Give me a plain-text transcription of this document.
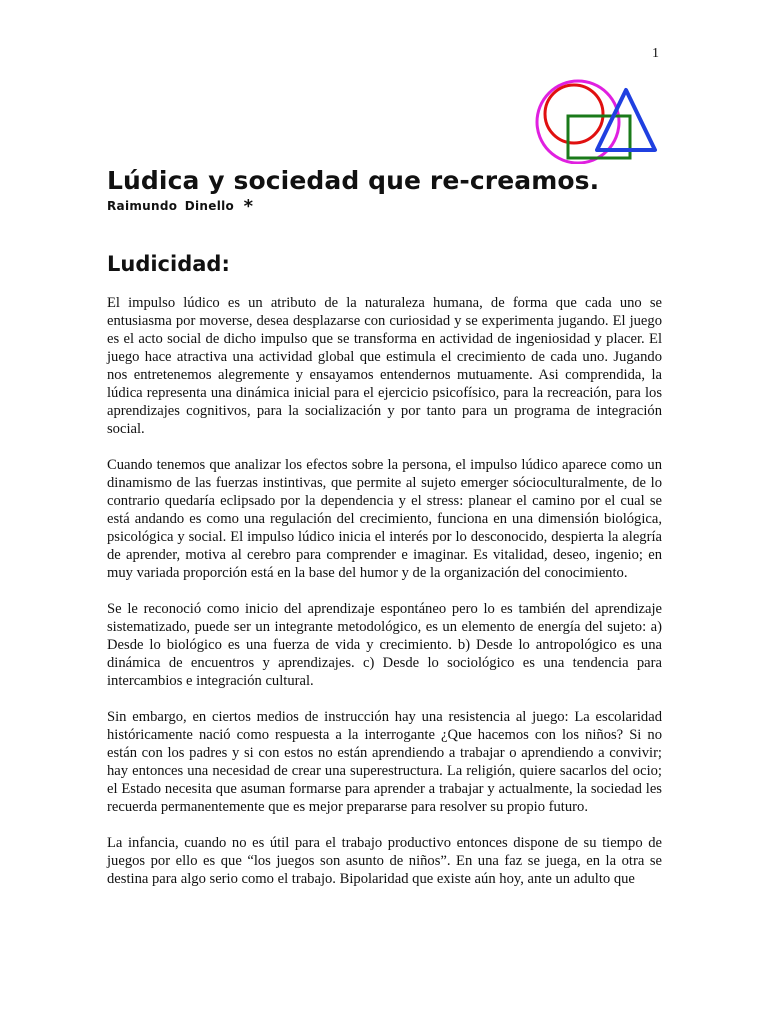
1
Lúdica y sociedad que re-creamos.
Raimundo Dinello *
Ludicidad:

El impulso lúdico es un atributo de la naturaleza humana, de forma que cada uno se entusiasma por moverse, desea desplazarse con curiosidad y se experimenta jugando. El juego es el acto social de dicho impulso que se transforma en actividad de ingeniosidad y placer. El juego hace atractiva una actividad global que estimula el crecimiento de cada uno. Jugando nos entretenemos alegremente y ensayamos entendernos mutuamente. Asi comprendida, la lúdica representa una dinámica inicial para el ejercicio psicofísico, para la recreación, para los aprendizajes cognitivos, para la socialización y por tanto para un programa de integración social.

Cuando tenemos que analizar los efectos sobre la persona, el impulso lúdico aparece como un dinamismo de las fuerzas instintivas, que permite al sujeto emerger sócioculturalmente, de lo contrario quedaría eclipsado por la dependencia y el stress: planear el camino por el cual se está andando es como una regulación del crecimiento, funciona en una dimensión biológica, psicológica y social. El impulso lúdico inicia el interés por lo desconocido, despierta la alegría de aprender, motiva al cerebro para comprender e imaginar. Es vitalidad, deseo, ingenio; en muy variada proporción está en la base del humor y de la organización del conocimiento.

Se le reconoció como inicio del aprendizaje espontáneo pero lo es también del aprendizaje sistematizado, puede ser un integrante metodológico, es un elemento de energía del sujeto: a) Desde lo biológico es una fuerza de vida y crecimiento. b) Desde lo antropológico es una dinámica de encuentros y aprendizajes. c) Desde lo sociológico es una tendencia para intercambios e integración cultural.

Sin embargo, en ciertos medios de instrucción hay una resistencia al juego: La escolaridad históricamente nació como respuesta a la interrogante ¿Que hacemos con los niños? Si no están con los padres y si con estos no están aprendiendo a trabajar o aprendiendo a convivir; hay entonces una necesidad de crear una superestructura. La religión, quiere sacarlos del ocio; el Estado necesita que asuman formarse para aprender a trabajar y actualmente, la sociedad les recuerda permanentemente que es mejor prepararse para resolver su propio futuro.

La infancia, cuando no es útil para el trabajo productivo entonces dispone de su tiempo de juegos por ello es que “los juegos son asunto de niños”. En una faz se juega, en la otra se destina para algo serio como el trabajo. Bipolaridad que existe aún hoy, ante un adulto que
